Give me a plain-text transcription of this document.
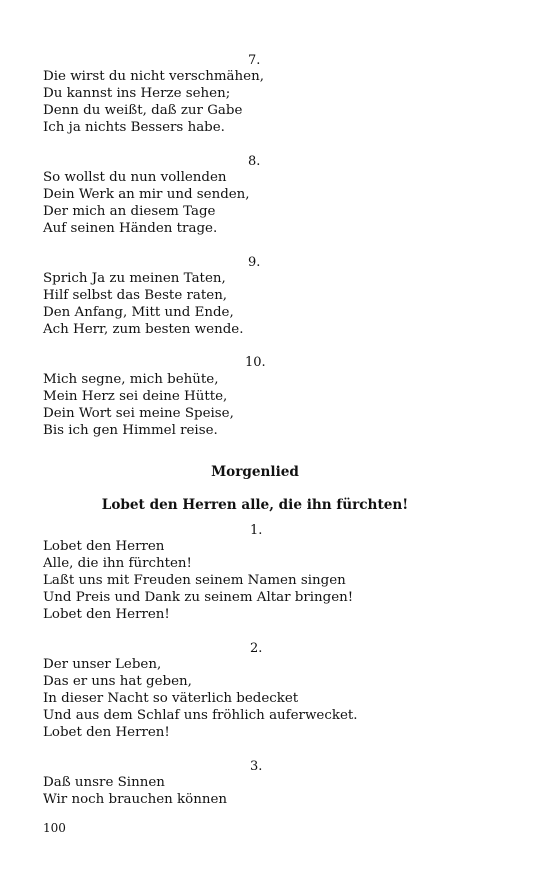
7.
Die wirst du nicht verschmähen,
Du kannst ins Herze sehen;
Denn du weißt, daß zur Gabe
Ich ja nichts Bessers habe.
8.
So wollst du nun vollenden
Dein Werk an mir und senden,
Der mich an diesem Tage
Auf seinen Händen trage.
9.
Sprich Ja zu meinen Taten,
Hilf selbst das Beste raten,
Den Anfang, Mitt und Ende,
Ach Herr, zum besten wende.
10.
Mich segne, mich behüte,
Mein Herz sei deine Hütte,
Dein Wort sei meine Speise,
Bis ich gen Himmel reise.
Morgenlied
Lobet den Herren alle, die ihn fürchten!
1.
Lobet den Herren
Alle, die ihn fürchten!
Laßt uns mit Freuden seinem Namen singen
Und Preis und Dank zu seinem Altar bringen!
Lobet den Herren!
2.
Der unser Leben,
Das er uns hat geben,
In dieser Nacht so väterlich bedecket
Und aus dem Schlaf uns fröhlich auferwecket.
Lobet den Herren!
3.
Daß unsre Sinnen
Wir noch brauchen können
100
